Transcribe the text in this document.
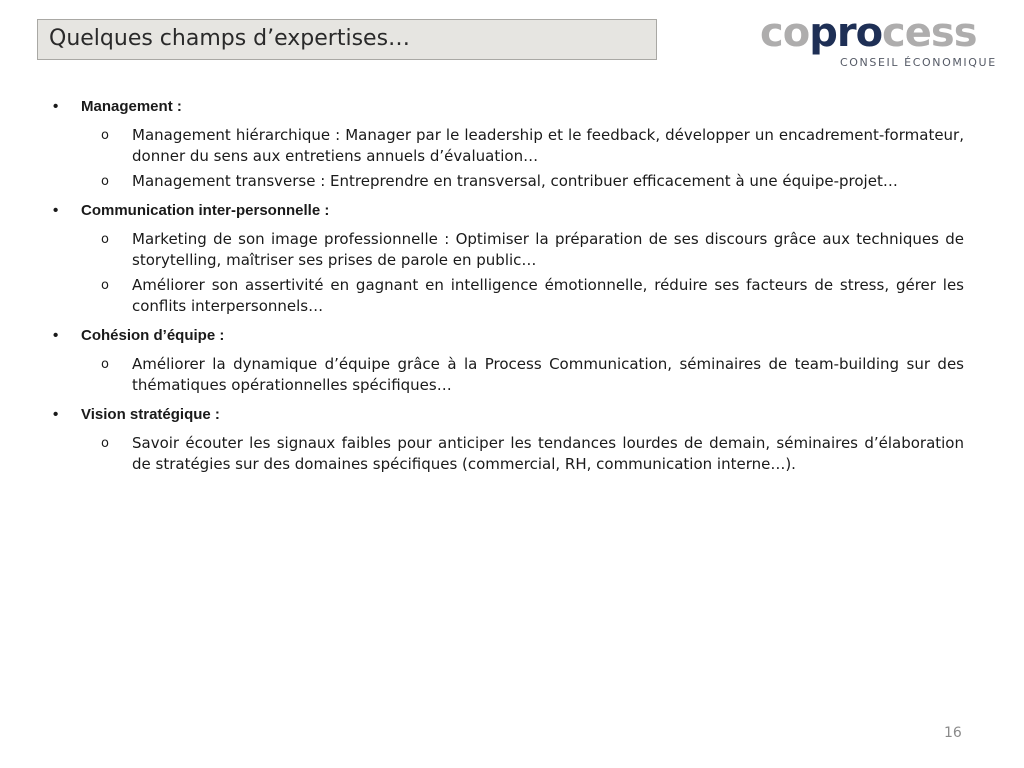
Quelques champs d’expertises…	coprocess
CONSEIL ÉCONOMIQUE
• Management :
o Management hiérarchique : Manager par le leadership et le feedback, développer un encadrement-formateur, donner du sens aux entretiens annuels d’évaluation…
o Management transverse : Entreprendre en transversal, contribuer efficacement à une équipe-projet…
• Communication inter-personnelle :
o Marketing de son image professionnelle : Optimiser la préparation de ses discours grâce aux techniques de storytelling, maîtriser ses prises de parole en public…
o Améliorer son assertivité en gagnant en intelligence émotionnelle, réduire ses facteurs de stress, gérer les conflits interpersonnels…
• Cohésion d’équipe :
o Améliorer la dynamique d’équipe grâce à la Process Communication, séminaires de team-building sur des thématiques opérationnelles spécifiques…
• Vision stratégique :
o Savoir écouter les signaux faibles pour anticiper les tendances lourdes de demain, séminaires d’élaboration de stratégies sur des domaines spécifiques (commercial, RH, communication interne…).
16
